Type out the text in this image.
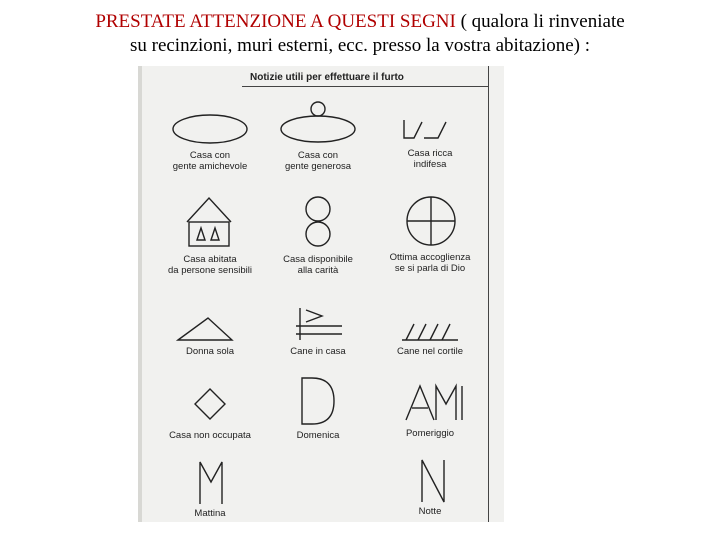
PRESTATE ATTENZIONE A QUESTI SEGNI ( qualora li rinveniate
su recinzioni, muri esterni, ecc. presso la vostra abitazione) :
Notizie utili per effettuare il furto
Casa con
gente amichevole
Casa con
gente generosa
Casa ricca
indifesa
Casa abitata
da persone sensibili
Casa disponibile
alla carità
Ottima accoglienza
se si parla di Dio
Donna sola	Cane in casa	Cane nel cortile
Casa non occupata	Domenica	Pomeriggio
Mattina	Notte
